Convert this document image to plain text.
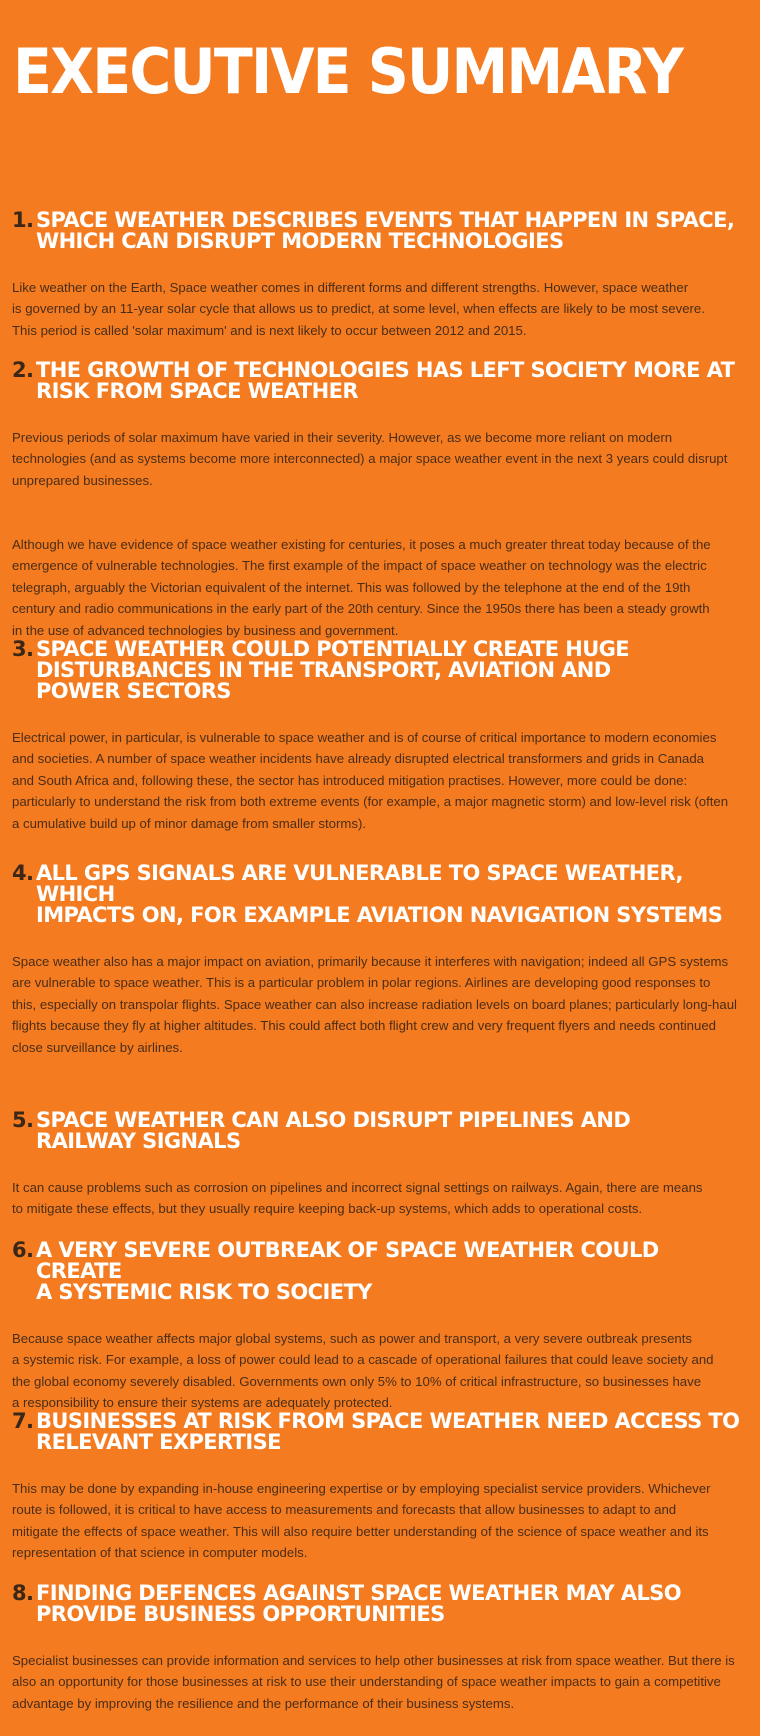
EXECUTIVE SUMMARY
1. SPACE WEATHER DESCRIBES EVENTS THAT HAPPEN IN SPACE,
WHICH CAN DISRUPT MODERN TECHNOLOGIES

Like weather on the Earth, Space weather comes in different forms and different strengths. However, space weather
is governed by an 11-year solar cycle that allows us to predict, at some level, when effects are likely to be most severe.
This period is called 'solar maximum' and is next likely to occur between 2012 and 2015.

2. THE GROWTH OF TECHNOLOGIES HAS LEFT SOCIETY MORE AT
RISK FROM SPACE WEATHER

Previous periods of solar maximum have varied in their severity. However, as we become more reliant on modern
technologies (and as systems become more interconnected) a major space weather event in the next 3 years could disrupt
unprepared businesses.

Although we have evidence of space weather existing for centuries, it poses a much greater threat today because of the
emergence of vulnerable technologies. The first example of the impact of space weather on technology was the electric
telegraph, arguably the Victorian equivalent of the internet. This was followed by the telephone at the end of the 19th
century and radio communications in the early part of the 20th century. Since the 1950s there has been a steady growth
in the use of advanced technologies by business and government.

3. SPACE WEATHER COULD POTENTIALLY CREATE HUGE
DISTURBANCES IN THE TRANSPORT, AVIATION AND
POWER SECTORS

Electrical power, in particular, is vulnerable to space weather and is of course of critical importance to modern economies
and societies. A number of space weather incidents have already disrupted electrical transformers and grids in Canada
and South Africa and, following these, the sector has introduced mitigation practises. However, more could be done:
particularly to understand the risk from both extreme events (for example, a major magnetic storm) and low-level risk (often
a cumulative build up of minor damage from smaller storms).

4. ALL GPS SIGNALS ARE VULNERABLE TO SPACE WEATHER, WHICH
IMPACTS ON, FOR EXAMPLE AVIATION NAVIGATION SYSTEMS

Space weather also has a major impact on aviation, primarily because it interferes with navigation; indeed all GPS systems
are vulnerable to space weather. This is a particular problem in polar regions. Airlines are developing good responses to
this, especially on transpolar flights. Space weather can also increase radiation levels on board planes; particularly long-haul
flights because they fly at higher altitudes. This could affect both flight crew and very frequent flyers and needs continued
close surveillance by airlines.

5. SPACE WEATHER CAN ALSO DISRUPT PIPELINES AND
RAILWAY SIGNALS

It can cause problems such as corrosion on pipelines and incorrect signal settings on railways. Again, there are means
to mitigate these effects, but they usually require keeping back-up systems, which adds to operational costs.

6. A VERY SEVERE OUTBREAK OF SPACE WEATHER COULD CREATE
A SYSTEMIC RISK TO SOCIETY

Because space weather affects major global systems, such as power and transport, a very severe outbreak presents
a systemic risk. For example, a loss of power could lead to a cascade of operational failures that could leave society and
the global economy severely disabled. Governments own only 5% to 10% of critical infrastructure, so businesses have
a responsibility to ensure their systems are adequately protected.

7. BUSINESSES AT RISK FROM SPACE WEATHER NEED ACCESS TO
RELEVANT EXPERTISE

This may be done by expanding in-house engineering expertise or by employing specialist service providers. Whichever
route is followed, it is critical to have access to measurements and forecasts that allow businesses to adapt to and
mitigate the effects of space weather. This will also require better understanding of the science of space weather and its
representation of that science in computer models.

8. FINDING DEFENCES AGAINST SPACE WEATHER MAY ALSO
PROVIDE BUSINESS OPPORTUNITIES

Specialist businesses can provide information and services to help other businesses at risk from space weather. But there is
also an opportunity for those businesses at risk to use their understanding of space weather impacts to gain a competitive
advantage by improving the resilience and the performance of their business systems.
